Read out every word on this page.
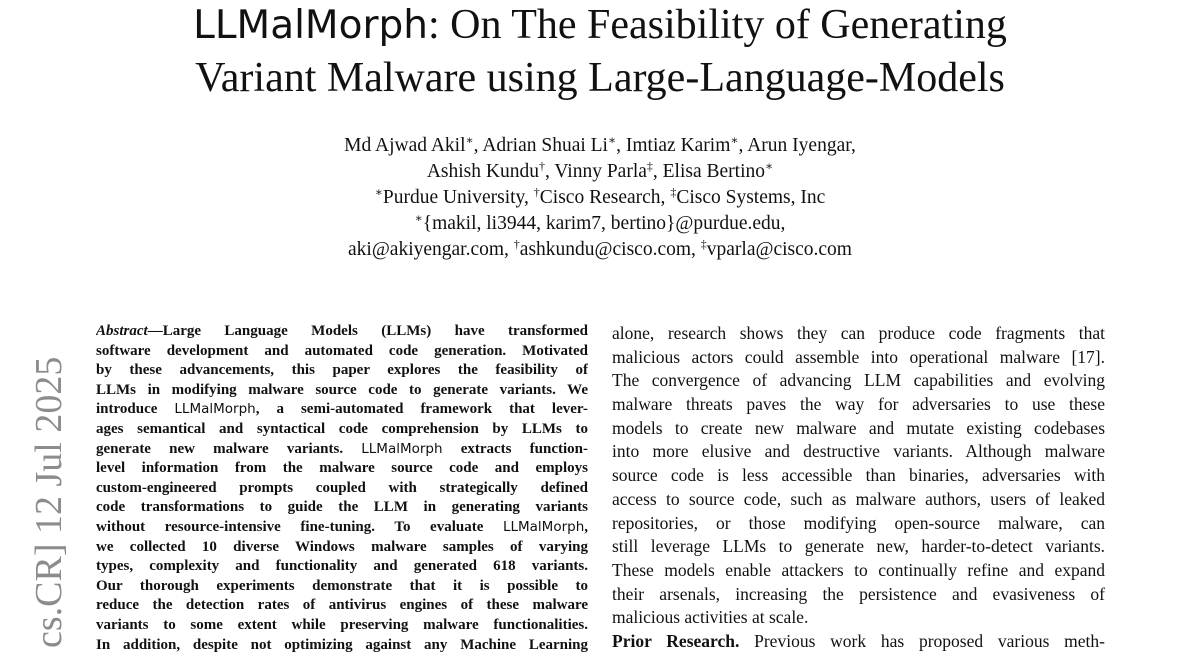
LLMalMorph: On The Feasibility of Generating
Variant Malware using Large-Language-Models
Md Ajwad Akil∗, Adrian Shuai Li∗, Imtiaz Karim∗, Arun Iyengar,
Ashish Kundu†, Vinny Parla‡, Elisa Bertino∗
∗Purdue University, †Cisco Research, ‡Cisco Systems, Inc
∗{makil, li3944, karim7, bertino}@purdue.edu,
aki@akiyengar.com, †ashkundu@cisco.com, ‡vparla@cisco.com
cs.CR] 12 Jul 2025
Abstract—Large Language Models (LLMs) have transformed
software development and automated code generation. Motivated
by these advancements, this paper explores the feasibility of
LLMs in modifying malware source code to generate variants. We
introduce LLMalMorph, a semi-automated framework that lever-
ages semantical and syntactical code comprehension by LLMs to
generate new malware variants. LLMalMorph extracts function-
level information from the malware source code and employs
custom-engineered prompts coupled with strategically defined
code transformations to guide the LLM in generating variants
without resource-intensive fine-tuning. To evaluate LLMalMorph,
we collected 10 diverse Windows malware samples of varying
types, complexity and functionality and generated 618 variants.
Our thorough experiments demonstrate that it is possible to
reduce the detection rates of antivirus engines of these malware
variants to some extent while preserving malware functionalities.
In addition, despite not optimizing against any Machine Learning
alone, research shows they can produce code fragments that
malicious actors could assemble into operational malware [17].
The convergence of advancing LLM capabilities and evolving
malware threats paves the way for adversaries to use these
models to create new malware and mutate existing codebases
into more elusive and destructive variants. Although malware
source code is less accessible than binaries, adversaries with
access to source code, such as malware authors, users of leaked
repositories, or those modifying open-source malware, can
still leverage LLMs to generate new, harder-to-detect variants.
These models enable attackers to continually refine and expand
their arsenals, increasing the persistence and evasiveness of
malicious activities at scale.
Prior Research. Previous work has proposed various meth-
